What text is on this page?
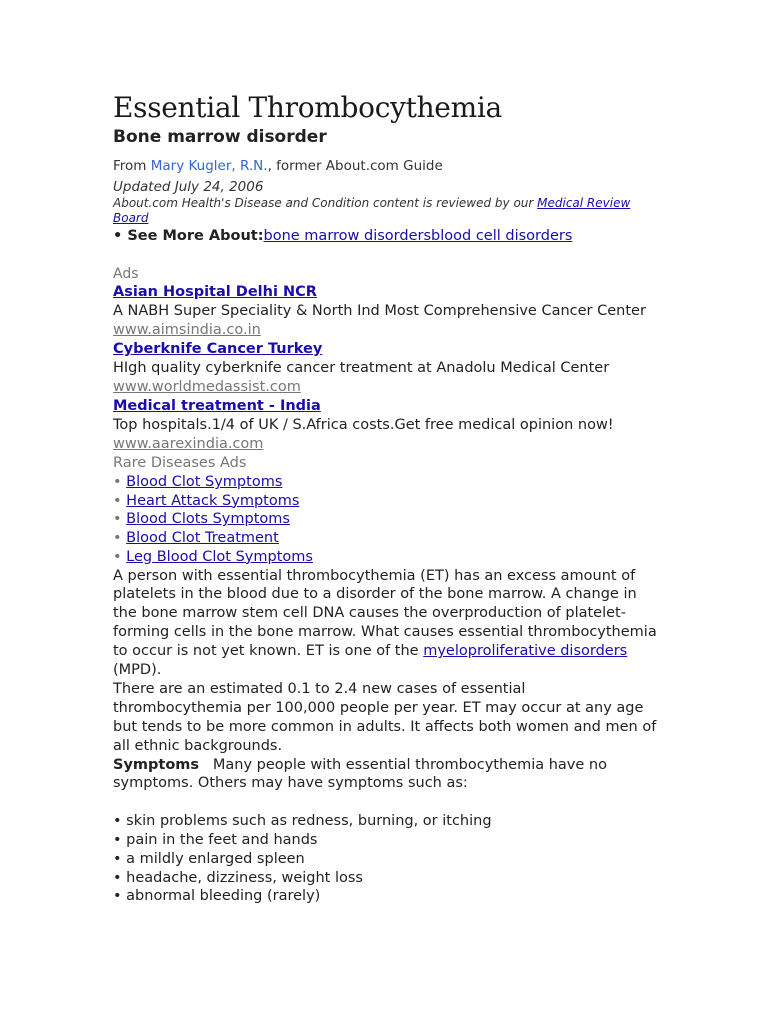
Essential Thrombocythemia
Bone marrow disorder

From Mary Kugler, R.N., former About.com Guide

Updated July 24, 2006

About.com Health's Disease and Condition content is reviewed by our Medical Review Board

• See More About:bone marrow disordersblood cell disorders

Ads

Asian Hospital Delhi NCR

A NABH Super Speciality & North Ind Most Comprehensive Cancer Center

www.aimsindia.co.in
Cyberknife Cancer Turkey

HIgh quality cyberknife cancer treatment at Anadolu Medical Center

www.worldmedassist.com
Medical treatment - India

Top hospitals.1/4 of UK / S.Africa costs.Get free medical opinion now!

www.aarexindia.com

Rare Diseases Ads

• Blood Clot Symptoms
• Heart Attack Symptoms
• Blood Clots Symptoms
• Blood Clot Treatment
• Leg Blood Clot Symptoms

A person with essential thrombocythemia (ET) has an excess amount of platelets in the blood due to a disorder of the bone marrow. A change in the bone marrow stem cell DNA causes the overproduction of platelet-forming cells in the bone marrow. What causes essential thrombocythemia to occur is not yet known. ET is one of the myeloproliferative disorders (MPD).

There are an estimated 0.1 to 2.4 new cases of essential thrombocythemia per 100,000 people per year. ET may occur at any age but tends to be more common in adults. It affects both women and men of all ethnic backgrounds.

Symptoms   Many people with essential thrombocythemia have no symptoms. Others may have symptoms such as:

• skin problems such as redness, burning, or itching
• pain in the feet and hands
• a mildly enlarged spleen
• headache, dizziness, weight loss
• abnormal bleeding (rarely)
